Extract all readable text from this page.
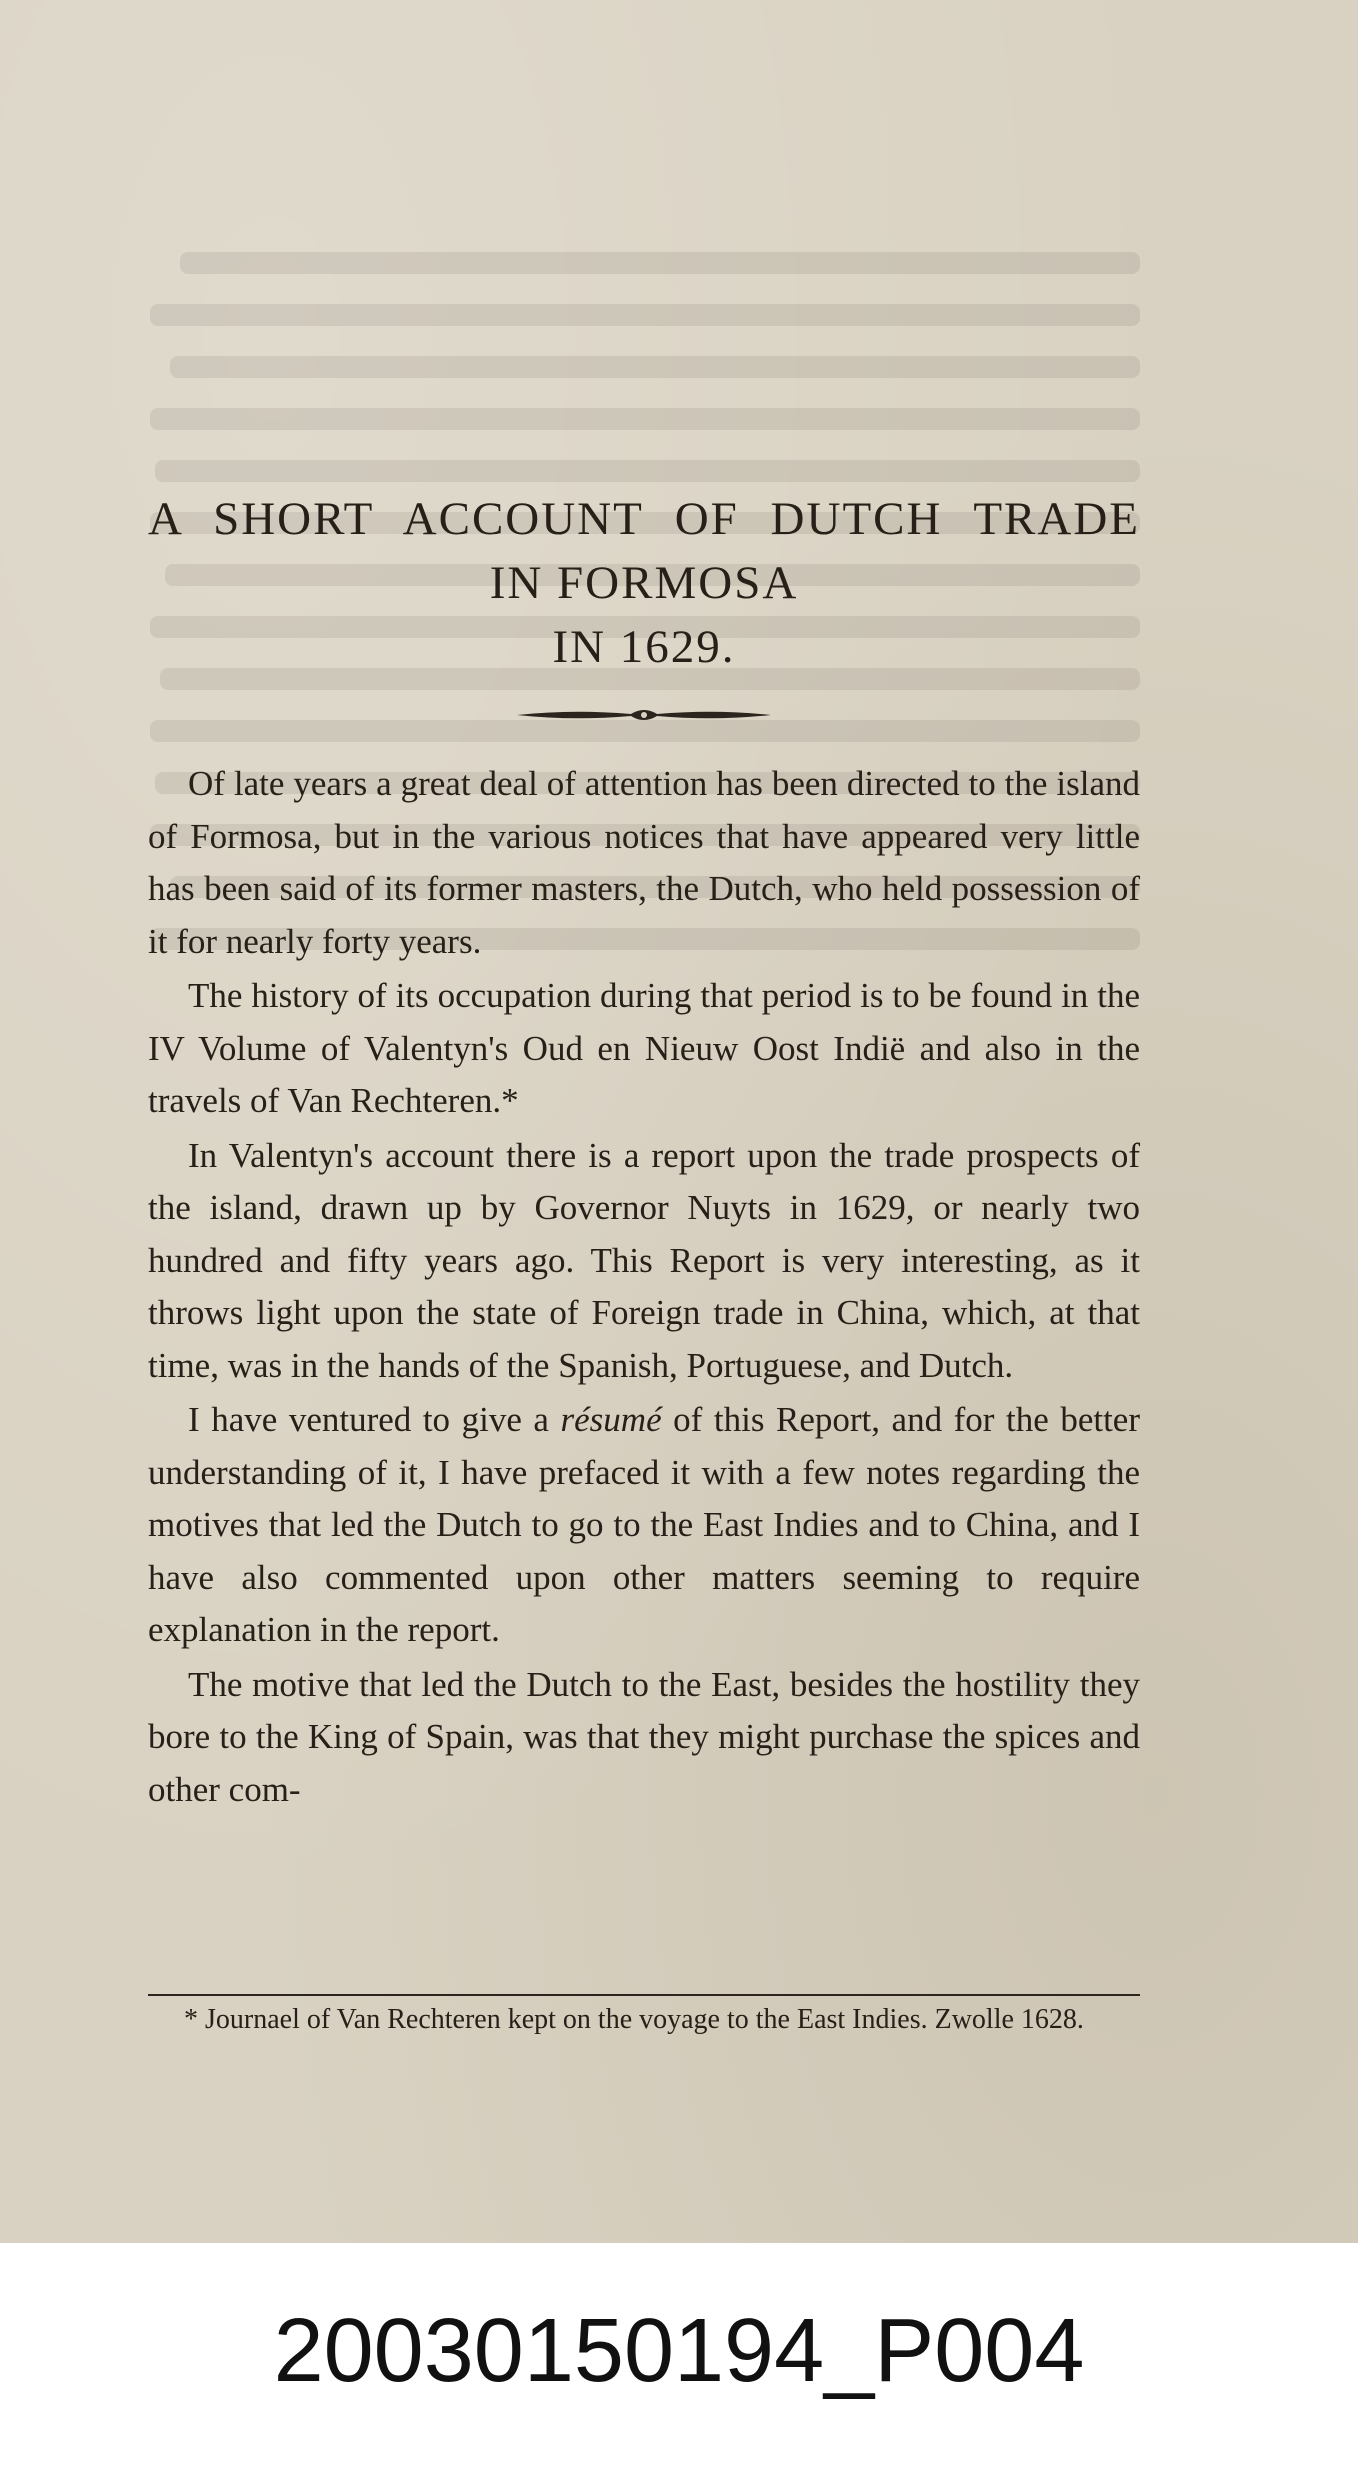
A SHORT ACCOUNT OF DUTCH TRADE
IN FORMOSA
IN 1629.

Of late years a great deal of attention has been directed to the island of Formosa, but in the various notices that have appeared very little has been said of its former masters, the Dutch, who held possession of it for nearly forty years.

The history of its occupation during that period is to be found in the IV Volume of Valentyn's Oud en Nieuw Oost Indië and also in the travels of Van Rechteren.*

In Valentyn's account there is a report upon the trade prospects of the island, drawn up by Governor Nuyts in 1629, or nearly two hundred and fifty years ago. This Report is very interesting, as it throws light upon the state of Foreign trade in China, which, at that time, was in the hands of the Spanish, Portuguese, and Dutch.

I have ventured to give a résumé of this Report, and for the better understanding of it, I have prefaced it with a few notes regarding the motives that led the Dutch to go to the East Indies and to China, and I have also commented upon other matters seeming to require explanation in the report.

The motive that led the Dutch to the East, besides the hostility they bore to the King of Spain, was that they might purchase the spices and other com-

* Journael of Van Rechteren kept on the voyage to the East Indies. Zwolle 1628.
20030150194_P004
